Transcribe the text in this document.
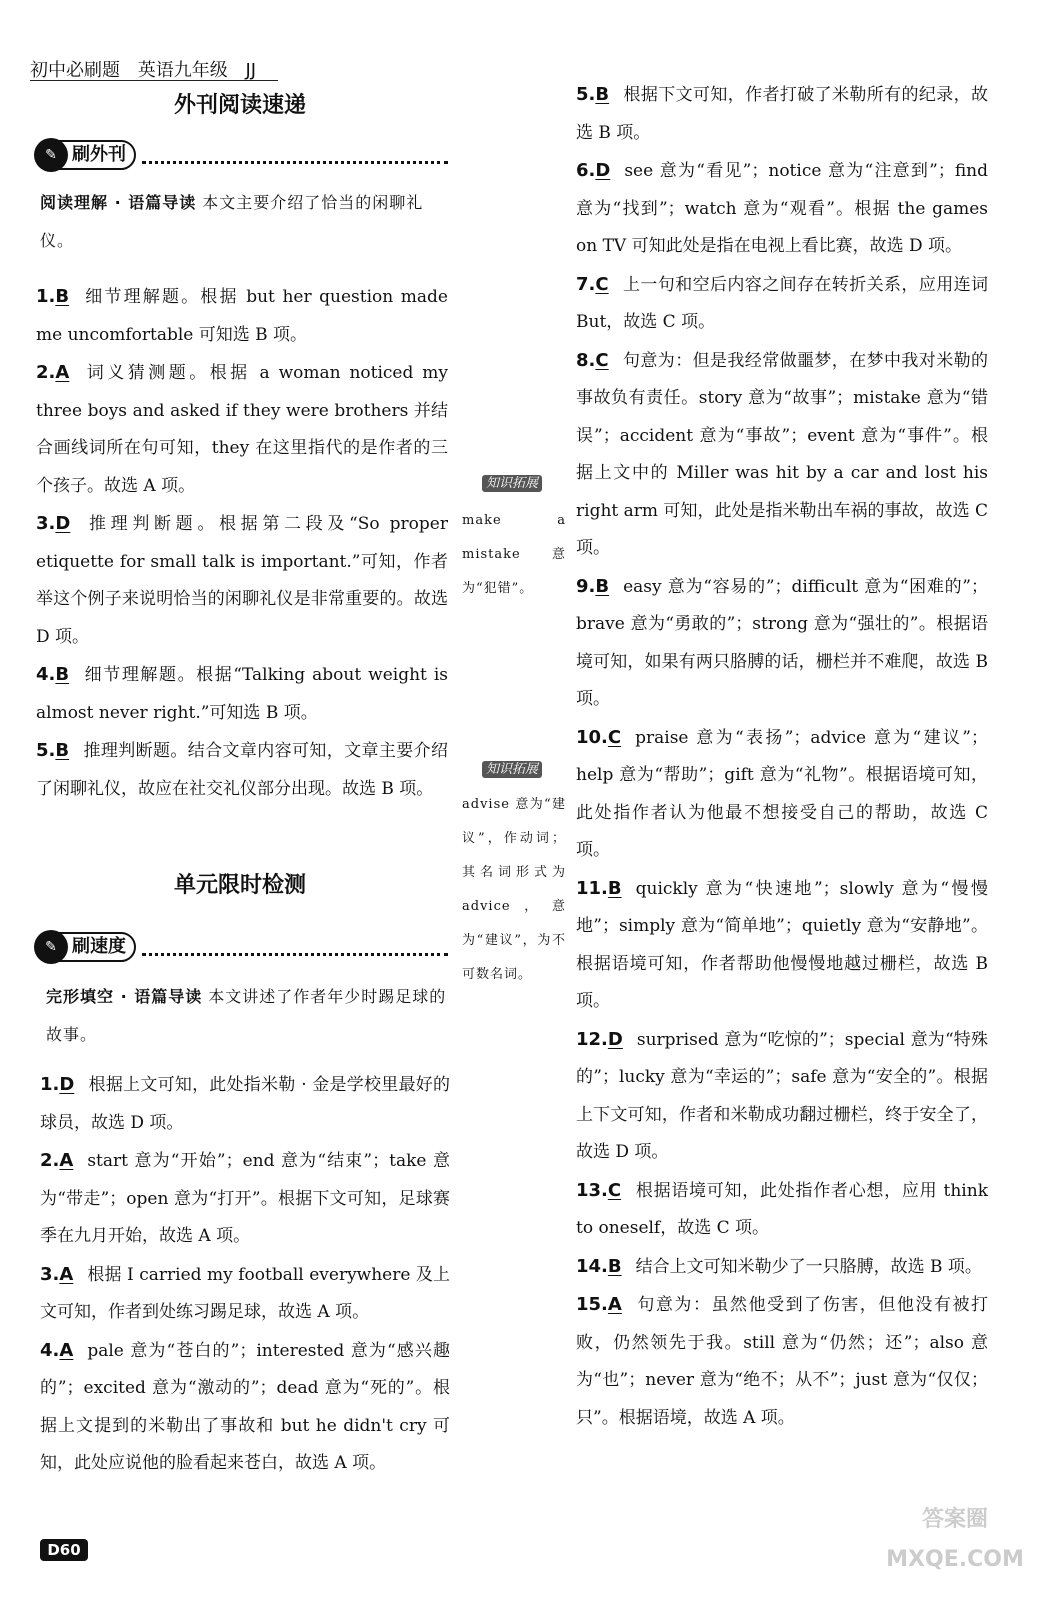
初中必刷题 英语九年级 JJ
外刊阅读速递
✎ 刷外刊
阅读理解 · 语篇导读 本文主要介绍了恰当的闲聊礼仪。
1.B 细节理解题。根据 but her question made me uncomfortable 可知选 B 项。
2.A 词义猜测题。根据 a woman noticed my three boys and asked if they were brothers 并结合画线词所在句可知，they 在这里指代的是作者的三个孩子。故选 A 项。
3.D 推理判断题。根据第二段及“So proper etiquette for small talk is important.”可知，作者举这个例子来说明恰当的闲聊礼仪是非常重要的。故选 D 项。
4.B 细节理解题。根据“Talking about weight is almost never right.”可知选 B 项。
5.B 推理判断题。结合文章内容可知，文章主要介绍了闲聊礼仪，故应在社交礼仪部分出现。故选 B 项。
单元限时检测
✎ 刷速度
完形填空 · 语篇导读 本文讲述了作者年少时踢足球的故事。
1.D 根据上文可知，此处指米勒 · 金是学校里最好的球员，故选 D 项。
2.A start 意为“开始”；end 意为“结束”；take 意为“带走”；open 意为“打开”。根据下文可知，足球赛季在九月开始，故选 A 项。
3.A 根据 I carried my football everywhere 及上文可知，作者到处练习踢足球，故选 A 项。
4.A pale 意为“苍白的”；interested 意为“感兴趣的”；excited 意为“激动的”；dead 意为“死的”。根据上文提到的米勒出了事故和 but he didn't cry 可知，此处应说他的脸看起来苍白，故选 A 项。
知识拓展
make a mistake 意为“犯错”。
知识拓展
advise 意为“建议”，作动词；其名词形式为 advice，意为“建议”，为不可数名词。
5.B 根据下文可知，作者打破了米勒所有的纪录，故选 B 项。
6.D see 意为“看见”；notice 意为“注意到”；find 意为“找到”；watch 意为“观看”。根据 the games on TV 可知此处是指在电视上看比赛，故选 D 项。
7.C 上一句和空后内容之间存在转折关系，应用连词 But，故选 C 项。
8.C 句意为：但是我经常做噩梦，在梦中我对米勒的事故负有责任。story 意为“故事”；mistake 意为“错误”；accident 意为“事故”；event 意为“事件”。根据上文中的 Miller was hit by a car and lost his right arm 可知，此处是指米勒出车祸的事故，故选 C 项。
9.B easy 意为“容易的”；difficult 意为“困难的”；brave 意为“勇敢的”；strong 意为“强壮的”。根据语境可知，如果有两只胳膊的话，栅栏并不难爬，故选 B 项。
10.C praise 意为“表扬”；advice 意为“建议”；help 意为“帮助”；gift 意为“礼物”。根据语境可知，此处指作者认为他最不想接受自己的帮助，故选 C 项。
11.B quickly 意为“快速地”；slowly 意为“慢慢地”；simply 意为“简单地”；quietly 意为“安静地”。根据语境可知，作者帮助他慢慢地越过栅栏，故选 B 项。
12.D surprised 意为“吃惊的”；special 意为“特殊的”；lucky 意为“幸运的”；safe 意为“安全的”。根据上下文可知，作者和米勒成功翻过栅栏，终于安全了，故选 D 项。
13.C 根据语境可知，此处指作者心想，应用 think to oneself，故选 C 项。
14.B 结合上文可知米勒少了一只胳膊，故选 B 项。
15.A 句意为：虽然他受到了伤害，但他没有被打败，仍然领先于我。still 意为“仍然；还”；also 意为“也”；never 意为“绝不；从不”；just 意为“仅仅；只”。根据语境，故选 A 项。
D60
答案圈
MXQE.COM
